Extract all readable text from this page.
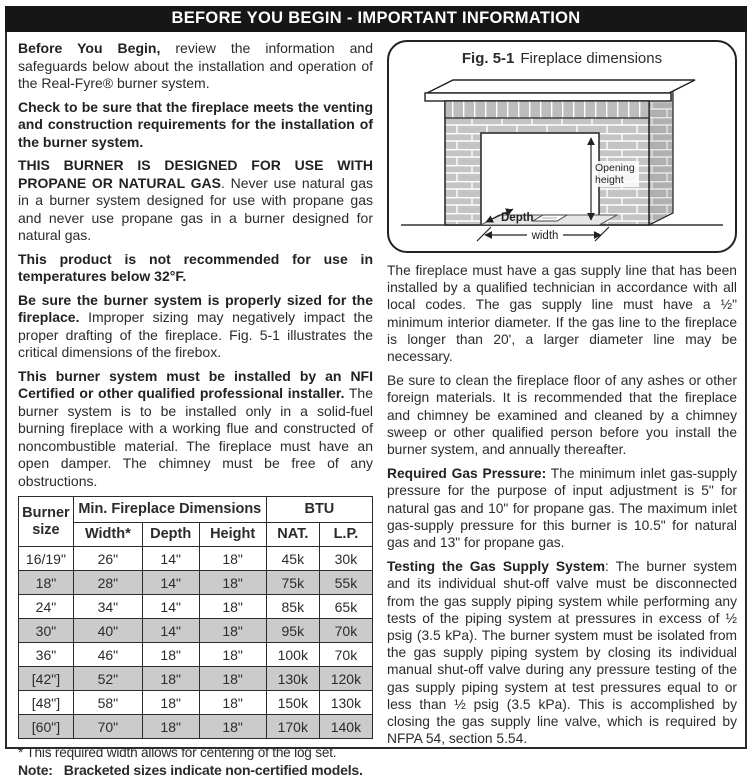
BEFORE YOU BEGIN - IMPORTANT INFORMATION

Before You Begin, review the information and safeguards below about the installation and operation of the Real-Fyre® burner system.

Check to be sure that the fireplace meets the venting and construction requirements for the installation of the burner system.

THIS BURNER IS DESIGNED FOR USE WITH PROPANE OR NATURAL GAS. Never use natural gas in a burner system designed for use with propane gas and never use propane gas in a burner designed for natural gas.

This product is not recommended for use in temperatures below 32°F.

Be sure the burner system is properly sized for the fireplace. Improper sizing may negatively impact the proper drafting of the fireplace. Fig. 5-1 illustrates the critical dimensions of the firebox.

This burner system must be installed by an NFI Certified or other qualified professional installer. The burner system is to be installed only in a solid-fuel burning fireplace with a working flue and constructed of noncombustible material. The fireplace must have an open damper. The chimney must be free of any obstructions.

Burner size	Min. Fireplace Dimensions			BTU	
	Width*	Depth	Height		
				NAT.	L.P.
16/19"	26"	14"	18"	45k	30k
18"	28"	14"	18"	75k	55k
24"	34"	14"	18"	85k	65k
30"	40"	14"	18"	95k	70k
36"	46"	18"	18"	100k	70k
[42"]	52"	18"	18"	130k	120k
[48"]	58"	18"	18"	150k	130k
[60"]	70"	18"	18"	170k	140k
* This required width allows for centering of the log set.
Note: Bracketed sizes indicate non-certified models.
Fig. 5-1 Fireplace dimensions
Opening
height
Depth
width

The fireplace must have a gas supply line that has been installed by a qualified technician in accordance with all local codes. The gas supply line must have a ½" minimum interior diameter. If the gas line to the fireplace is longer than 20', a larger diameter line may be necessary.

Be sure to clean the fireplace floor of any ashes or other foreign materials. It is recommended that the fireplace and chimney be examined and cleaned by a chimney sweep or other qualified person before you install the burner system, and annually thereafter.

Required Gas Pressure: The minimum inlet gas-supply pressure for the purpose of input adjustment is 5" for natural gas and 10" for propane gas. The maximum inlet gas-supply pressure for this burner is 10.5" for natural gas and 13" for propane gas.

Testing the Gas Supply System: The burner system and its individual shut-off valve must be disconnected from the gas supply piping system while performing any tests of the piping system at pressures in excess of ½ psig (3.5 kPa). The burner system must be isolated from the gas supply piping system by closing its individual manual shut-off valve during any pressure testing of the gas supply piping system at test pressures equal to or less than ½ psig (3.5 kPa). This is accomplished by closing the gas supply line valve, which is required by NFPA 54, section 5.54.
